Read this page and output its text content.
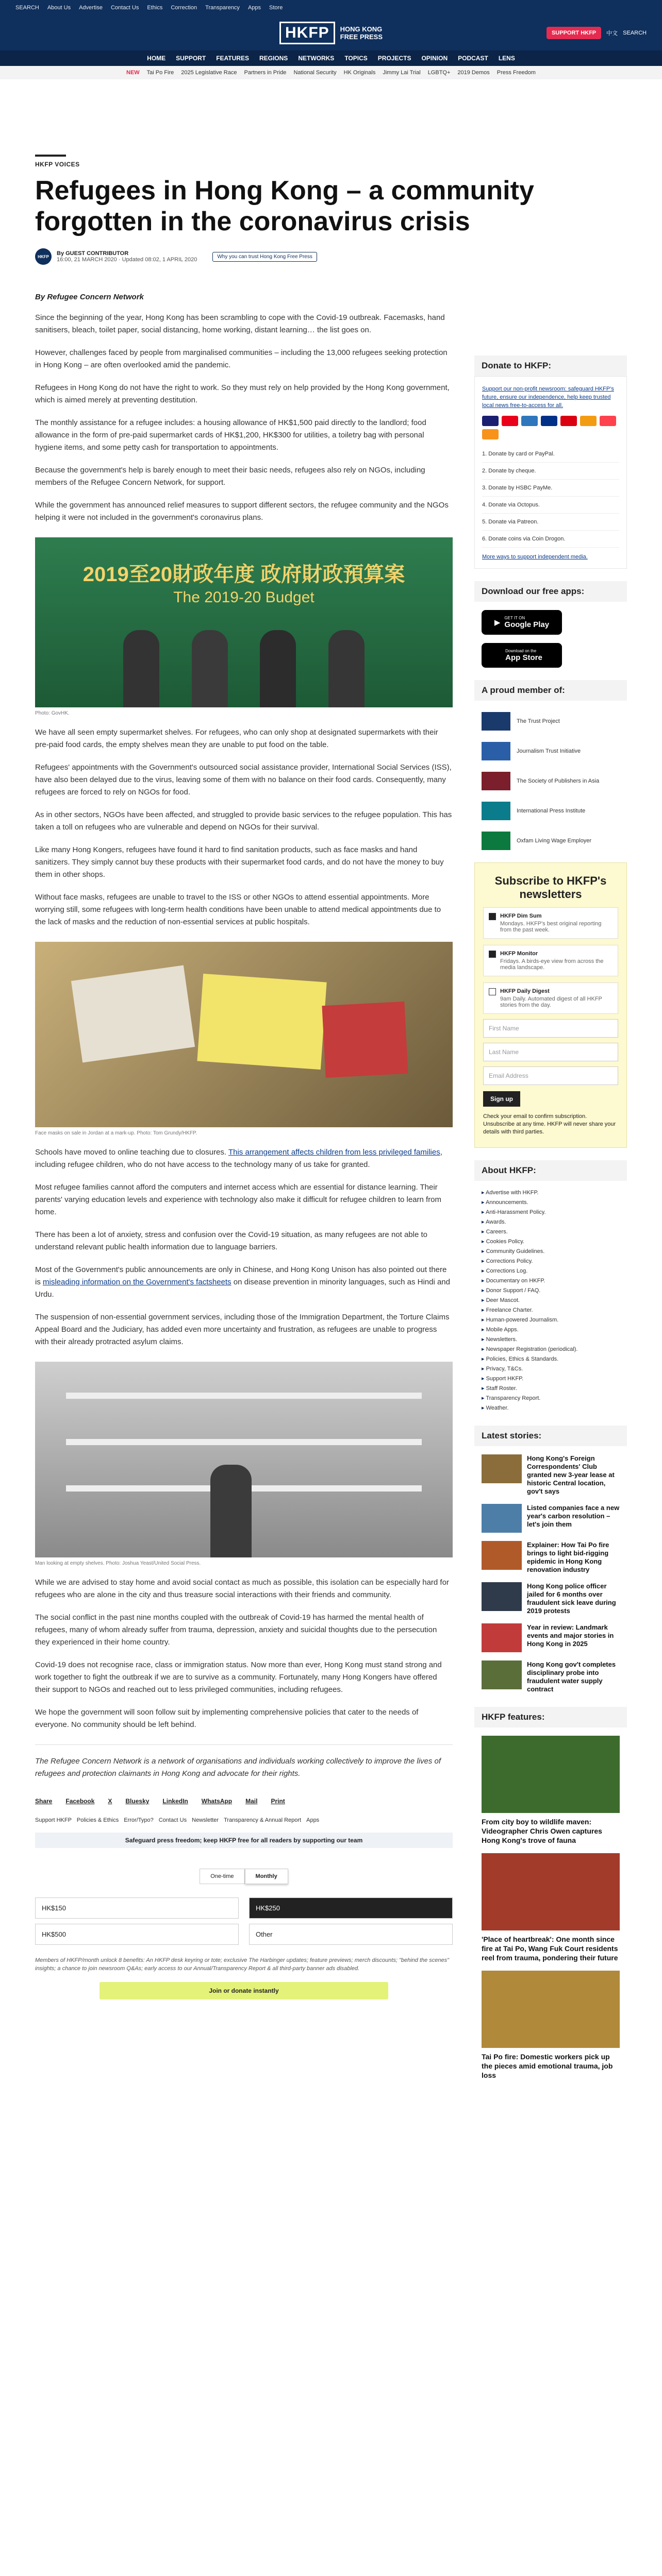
SEARCH About Us Advertise Contact Us Ethics Correction Transparency Apps Store
HKFP	HONG KONG
FREE PRESS	SUPPORT HKFP	中文 SEARCH
HOME SUPPORT FEATURES REGIONS NETWORKS TOPICS PROJECTS OPINION PODCAST LENS
NEW Tai Po Fire 2025 Legislative Race Partners in Pride National Security HK Originals Jimmy Lai Trial LGBTQ+ 2019 Demos Press Freedom
HKFP VOICES
Refugees in Hong Kong – a community forgotten in the coronavirus crisis
HKFP	By GUEST CONTRIBUTOR
16:00, 21 MARCH 2020 · Updated 08:02, 1 APRIL 2020	Why you can trust Hong Kong Free Press
By Refugee Concern Network

Since the beginning of the year, Hong Kong has been scrambling to cope with the Covid-19 outbreak. Facemasks, hand sanitisers, bleach, toilet paper, social distancing, home working, distant learning… the list goes on.

However, challenges faced by people from marginalised communities – including the 13,000 refugees seeking protection in Hong Kong – are often overlooked amid the pandemic.

Refugees in Hong Kong do not have the right to work. So they must rely on help provided by the Hong Kong government, which is aimed merely at preventing destitution.

The monthly assistance for a refugee includes: a housing allowance of HK$1,500 paid directly to the landlord; food allowance in the form of pre-paid supermarket cards of HK$1,200, HK$300 for utilities, a toiletry bag with personal hygiene items, and some petty cash for transportation to appointments.

Because the government's help is barely enough to meet their basic needs, refugees also rely on NGOs, including members of the Refugee Concern Network, for support.

While the government has announced relief measures to support different sectors, the refugee community and the NGOs helping it were not included in the government's coronavirus plans.

2019至20財政年度 政府財政預算案
The 2019-20 Budget
Photo: GovHK.

We have all seen empty supermarket shelves. For refugees, who can only shop at designated supermarkets with their pre-paid food cards, the empty shelves mean they are unable to put food on the table.

Refugees' appointments with the Government's outsourced social assistance provider, International Social Services (ISS), have also been delayed due to the virus, leaving some of them with no balance on their food cards. Consequently, many refugees are forced to rely on NGOs for food.

As in other sectors, NGOs have been affected, and struggled to provide basic services to the refugee population. This has taken a toll on refugees who are vulnerable and depend on NGOs for their survival.

Like many Hong Kongers, refugees have found it hard to find sanitation products, such as face masks and hand sanitizers. They simply cannot buy these products with their supermarket food cards, and do not have the money to buy them in other shops.

Without face masks, refugees are unable to travel to the ISS or other NGOs to attend essential appointments. More worrying still, some refugees with long-term health conditions have been unable to attend medical appointments due to the lack of masks and the reduction of non-essential services at public hospitals.

Face masks on sale in Jordan at a mark-up. Photo: Tom Grundy/HKFP.

Schools have moved to online teaching due to closures. This arrangement affects children from less privileged families, including refugee children, who do not have access to the technology many of us take for granted.

Most refugee families cannot afford the computers and internet access which are essential for distance learning. Their parents' varying education levels and experience with technology also make it difficult for refugee children to learn from home.

There has been a lot of anxiety, stress and confusion over the Covid-19 situation, as many refugees are not able to understand relevant public health information due to language barriers.

Most of the Government's public announcements are only in Chinese, and Hong Kong Unison has also pointed out there is misleading information on the Government's factsheets on disease prevention in minority languages, such as Hindi and Urdu.

The suspension of non-essential government services, including those of the Immigration Department, the Torture Claims Appeal Board and the Judiciary, has added even more uncertainty and frustration, as refugees are unable to progress with their already protracted asylum claims.

Man looking at empty shelves. Photo: Joshua Yeast/United Social Press.

While we are advised to stay home and avoid social contact as much as possible, this isolation can be especially hard for refugees who are alone in the city and thus treasure social interactions with their friends and community.

The social conflict in the past nine months coupled with the outbreak of Covid-19 has harmed the mental health of refugees, many of whom already suffer from trauma, depression, anxiety and suicidal thoughts due to the persecution they experienced in their home country.

Covid-19 does not recognise race, class or immigration status. Now more than ever, Hong Kong must stand strong and work together to fight the outbreak if we are to survive as a community. Fortunately, many Hong Kongers have offered their support to NGOs and reached out to less privileged communities, including refugees.

We hope the government will soon follow suit by implementing comprehensive policies that cater to the needs of everyone. No community should be left behind.

The Refugee Concern Network is a network of organisations and individuals working collectively to improve the lives of refugees and protection claimants in Hong Kong and advocate for their rights.

Share Facebook X Bluesky LinkedIn WhatsApp Mail Print
Support HKFP Policies & Ethics Error/Typo? Contact Us Newsletter Transparency & Annual Report Apps
Safeguard press freedom; keep HKFP free for all readers by supporting our team
One-time	Monthly
HK$150	HK$250
HK$500	Other
Members of HKFP/month unlock 8 benefits: An HKFP desk keyring or tote; exclusive The Harbinger updates; feature previews; merch discounts; "behind the scenes" insights; a chance to join newsroom Q&As; early access to our Annual/Transparency Report & all third-party banner ads disabled.
Join or donate instantly
Donate to HKFP:
Support our non-profit newsroom: safeguard HKFP's future, ensure our independence, help keep trusted local news free-to-access for all.
1. Donate by card or PayPal.
2. Donate by cheque.
3. Donate by HSBC PayMe.
4. Donate via Octopus.
5. Donate via Patreon.
6. Donate coins via Coin Drogon.
More ways to support independent media.
Download our free apps:
▶
GET IT ON
Google Play
Download on the
App Store
A proud member of:
The Trust Project
Journalism Trust Initiative
The Society of Publishers in Asia
International Press Institute
Oxfam Living Wage Employer
Subscribe to HKFP's newsletters
HKFP Dim Sum
Mondays. HKFP's best original reporting from the past week.
HKFP Monitor
Fridays. A birds-eye view from across the media landscape.
HKFP Daily Digest
9am Daily. Automated digest of all HKFP stories from the day.
First Name
Last Name
Email Address
Sign up
Check your email to confirm subscription. Unsubscribe at any time. HKFP will never share your details with third parties.
About HKFP:
▸ Advertise with HKFP.
▸ Announcements.
▸ Anti-Harassment Policy.
▸ Awards.
▸ Careers.
▸ Cookies Policy.
▸ Community Guidelines.
▸ Corrections Policy.
▸ Corrections Log.
▸ Documentary on HKFP.
▸ Donor Support / FAQ.
▸ Deer Mascot.
▸ Freelance Charter.
▸ Human-powered Journalism.
▸ Mobile Apps.
▸ Newsletters.
▸ Newspaper Registration (periodical).
▸ Policies, Ethics & Standards.
▸ Privacy, T&Cs.
▸ Support HKFP.
▸ Staff Roster.
▸ Transparency Report.
▸ Weather.
Latest stories:
Hong Kong's Foreign Correspondents' Club granted new 3-year lease at historic Central location, gov't says
Listed companies face a new year's carbon resolution – let's join them
Explainer: How Tai Po fire brings to light bid-rigging epidemic in Hong Kong renovation industry
Hong Kong police officer jailed for 6 months over fraudulent sick leave during 2019 protests
Year in review: Landmark events and major stories in Hong Kong in 2025
Hong Kong gov't completes disciplinary probe into fraudulent water supply contract
HKFP features:
From city boy to wildlife maven: Videographer Chris Owen captures Hong Kong's trove of fauna
'Place of heartbreak': One month since fire at Tai Po, Wang Fuk Court residents reel from trauma, pondering their future
Tai Po fire: Domestic workers pick up the pieces amid emotional trauma, job loss
